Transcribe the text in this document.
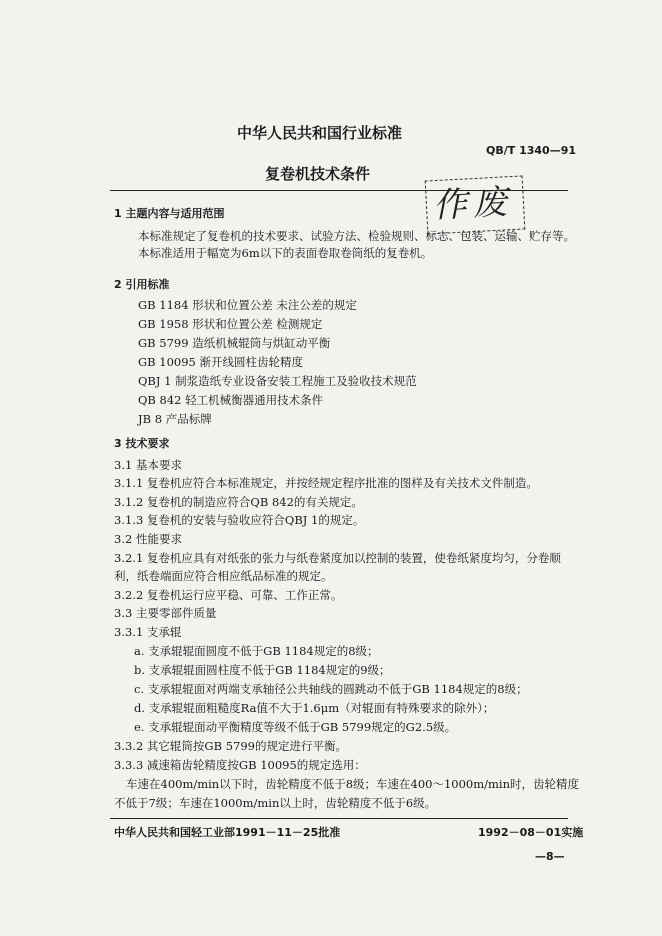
中华人民共和国行业标准
QB/T 1340—91
复卷机技术条件
作废
1 主题内容与适用范围
本标准规定了复卷机的技术要求、试验方法、检验规则、标志、包装、运输、贮存等。
本标准适用于幅宽为6m以下的表面卷取卷筒纸的复卷机。
2 引用标准
GB 1184 形状和位置公差 未注公差的规定
GB 1958 形状和位置公差 检测规定
GB 5799 造纸机械辊筒与烘缸动平衡
GB 10095 渐开线圆柱齿轮精度
QBJ 1 制浆造纸专业设备安装工程施工及验收技术规范
QB 842 轻工机械衡器通用技术条件
JB 8 产品标牌
3 技术要求
3.1 基本要求
3.1.1 复卷机应符合本标准规定，并按经规定程序批准的图样及有关技术文件制造。
3.1.2 复卷机的制造应符合QB 842的有关规定。
3.1.3 复卷机的安装与验收应符合QBJ 1的规定。
3.2 性能要求
3.2.1 复卷机应具有对纸张的张力与纸卷紧度加以控制的装置，使卷纸紧度均匀，分卷顺
利，纸卷端面应符合相应纸品标准的规定。
3.2.2 复卷机运行应平稳、可靠、工作正常。
3.3 主要零部件质量
3.3.1 支承辊
a. 支承辊辊面圆度不低于GB 1184规定的8级；
b. 支承辊辊面圆柱度不低于GB 1184规定的9级；
c. 支承辊辊面对两端支承轴径公共轴线的圆跳动不低于GB 1184规定的8级；
d. 支承辊辊面粗糙度Ra值不大于1.6μm（对辊面有特殊要求的除外）；
e. 支承辊辊面动平衡精度等级不低于GB 5799规定的G2.5级。
3.3.2 其它辊筒按GB 5799的规定进行平衡。
3.3.3 减速箱齿轮精度按GB 10095的规定选用：
车速在400m/min以下时，齿轮精度不低于8级；车速在400～1000m/min时，齿轮精度
不低于7级；车速在1000m/min以上时，齿轮精度不低于6级。
中华人民共和国轻工业部1991－11－25批准	1992－08－01实施
—8—
